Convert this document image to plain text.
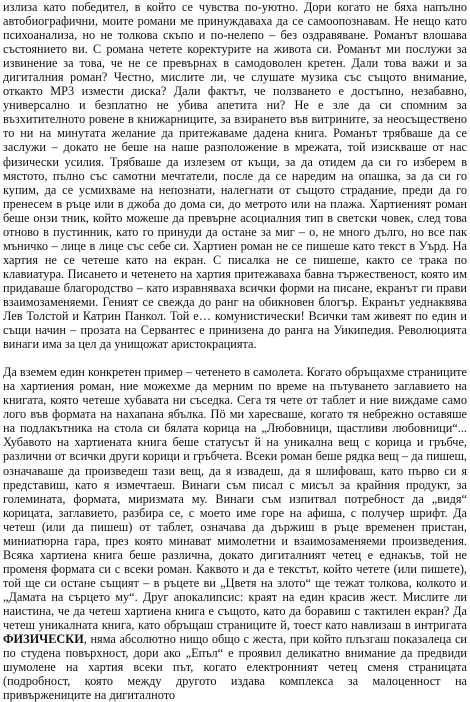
излиза като победител, в който се чувства по-уютно. Дори когато не бяха напълно автобиографични, моите романи ме принуждаваха да се самоопознавам. Не нещо като психоанализа, но не толкова скъпо и по-нелепо – без оздравяване. Романът влошава състоянието ви. С романа четете коректурите на живота си. Романът ми послужи за извинение за това, че не се превърнах в самодоволен кретен. Дали това важи и за дигиталния роман? Честно, мислите ли, че слушате музика със същото внимание, откакто MP3 измести диска? Дали фактът, че ползването е достъпно, незабавно, универсално и безплатно не убива апетита ни? Не е зле да си спомним за възхитителното ровене в книжарниците, за взирането във витрините, за неосъществено​то ни на минутата желание да притежаваме дадена книга. Романът трябваше да се заслужи – докато не беше на наше разположение в мрежата, той изискваше от нас физически усилия. Трябваше да излезем от къщи, за да отидем да си го изберем в мястото, пълно със самотни мечтатели, после да се наредим на опашка, за да си го купим, да се усмихваме на непознати, налегнати от същото страдание, преди да го пренесем в ръце или в джоба до дома си, до метрото или на плажа. Хартиеният роман беше онзи тник, който можеше да превърне асоциалния тип в светски човек, след това отново в пустинник, като го принуди да остане за миг – о, не много дълго, но все пак мъничко – лице в лице със себе си. Хартиен роман не се пишеше като текст в Уърд. На хартия не се четеше като на екран. С писалка не се пишеше, както се трака по клавиатура. Писането и четенето на хартия притежаваха бавна тържественост, която им придаваше благородство – като изравняваха всички форми на писане, екранът ги прави взаимозаменяеми. Геният се свежда до ранг на обикновен блогър. Екранът уеднаквява Лев Толстой и Катрин Панкол. Той е… комунистически! Всички там живеят по един и същи начин – прозата на Сервантес е принизена до ранга на Уикипедия. Революцията винаги има за цел да унищожат аристокрацията.

Да вземем един конкретен пример – четенето в самолета. Когато обръщахме страниците на хартиения роман, ние можехме да мерним по време на пътуването заглавието на книгата, която четеше хубавата ни съседка. Сега тя чете от таблет и ние виждаме само лого във формата на нахапана ябълка. Пö ми харесваше, когато тя небрежно оставяше на подлакътника на стола си бялата корица на „Любовници, щастливи любовници“... Хубавото на хартиената книга беше статусът й на уникална вещ с корица и гръбче, различни от всички други корици и гръбчета. Всеки роман беше рядка вещ – да пишеш, означаваше да произведеш тази вещ, да я извадеш, да я шлифоваш, като първо си я представиш, като я измечтаеш. Винаги съм писал с мисъл за крайния продукт, за големината, формата, миризмата му. Винаги съм изпитвал потребност да „видя“ корицата, заглавието, разбира се, с моето име горе на афиша, с получер шрифт. Да четеш (или да пишеш) от таблет, означава да държиш в ръце временен пристан, миниатюрна гара, през която минават мимолетни и взаимозаменяеми произведения. Всяка хартиена книга беше различна, докато дигиталният четец е еднакъв, той не променя формата си с всеки роман. Каквото и да е текстът, който четете (или пишете), той ще си остане същият – в ръцете ви „Цветя на злото“ ще тежат толкова, колкото и „Дамата на сърцето му“. Друг апокалипсис: краят на един красив жест. Мислите ли наистина, че да четеш хартиена книга е същото, като да боравиш с тактилен екран? Да четеш уникалната книга, като обръщаш страниците й, тоест като навлизаш в интригата ФИЗИЧЕСКИ, няма абсолютно нищо общо с жеста, при който плъзгаш показалеца си по студена повърхност, дори ако „Епъл“ е проявил деликатно внимание да предвиди шумолене на хартия всеки път, когато електронният четец сменя страницата (подробност, която между другото издава комплекса за малоценност на привържениците на дигиталното
